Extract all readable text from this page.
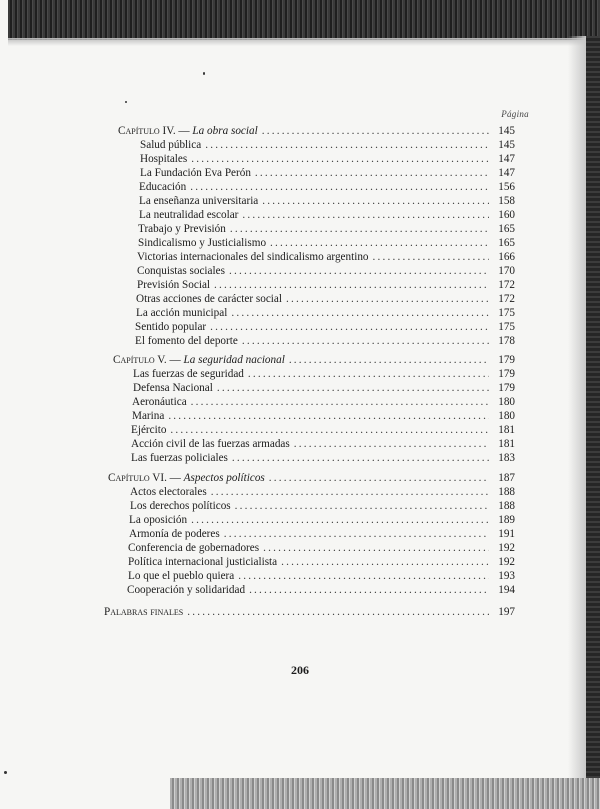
Página
Capítulo IV. — La obra social .....	145
Salud pública .....	145
Hospitales .....	147
La Fundación Eva Perón .....	147
Educación .....	156
La enseñanza universitaria .....	158
La neutralidad escolar .....	160
Trabajo y Previsión .....	165
Sindicalismo y Justicialismo .....	165
Victorias internacionales del sindicalismo argentino .....	166
Conquistas sociales .....	170
Previsión Social .....	172
Otras acciones de carácter social .....	172
La acción municipal .....	175
Sentido popular .....	175
El fomento del deporte .....	178
Capítulo V. — La seguridad nacional .....	179
Las fuerzas de seguridad .....	179
Defensa Nacional .....	179
Aeronáutica .....	180
Marina .....	180
Ejército .....	181
Acción civil de las fuerzas armadas .....	181
Las fuerzas policiales .....	183
Capítulo VI. — Aspectos políticos .....	187
Actos electorales .....	188
Los derechos políticos .....	188
La oposición .....	189
Armonía de poderes .....	191
Conferencia de gobernadores .....	192
Política internacional justicialista .....	192
Lo que el pueblo quiera .....	193
Cooperación y solidaridad .....	194
Palabras finales .....	197
206
